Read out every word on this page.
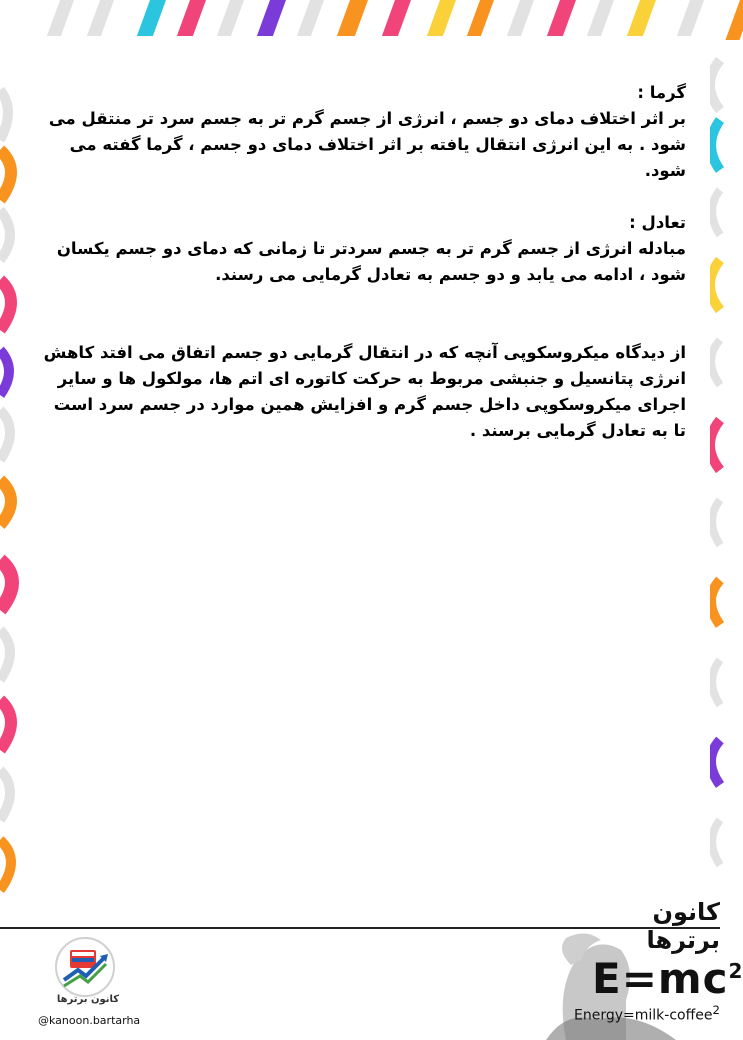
گرما :

بر اثر اختلاف دمای دو جسم ، انرژی از جسم گرم تر به جسم سرد تر منتقل می شود . به این انرژی انتقال یافته بر اثر اختلاف دمای دو جسم ، گرما گفته می شود.

تعادل :

مبادله انرژی از جسم گرم تر به جسم سردتر تا زمانی که دمای دو جسم یکسان شود ، ادامه می یابد و دو جسم به تعادل گرمایی می رسند.

از دیدگاه میکروسکوپی آنچه که در انتقال گرمایی دو جسم اتفاق می افتد کاهش انرژی پتانسیل و جنبشی مربوط به حرکت کاتوره ای اتم ها، مولکول ها و سایر اجرای میکروسکوپی داخل جسم گرم و افزایش همین موارد در جسم سرد است تا به تعادل گرمایی برسند .

کانون برترها
@kanoon.bartarha
کانون برترها
$E=mc^2$
Energy=milk-coffee$^2$
